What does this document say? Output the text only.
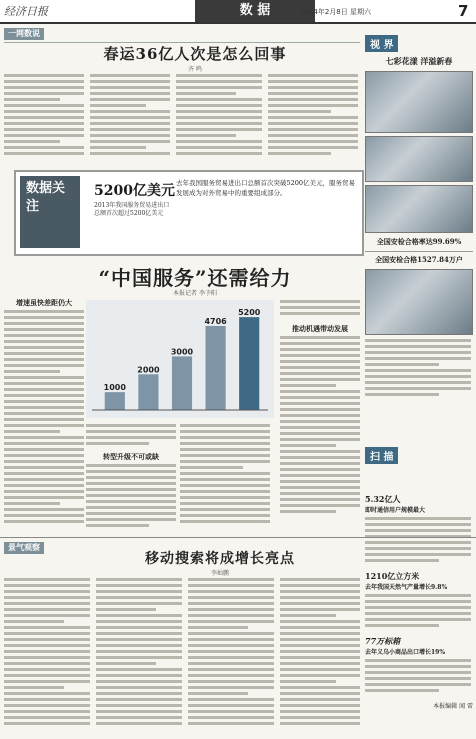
经济日报	数 据	2014年2月8日 星期六	7
一网数说
春运36亿人次是怎么回事
齐 鸣
视 界
七彩花漾 洋溢新春
全国安检合格率达99.69%
全国安检合格1527.84万户
扫 描
5.32亿人
即时通信用户规模最大
1210亿立方米
去年我国天然气产量增长9.8%
77万标箱
去年义乌小商品出口增长19%
本报编辑 闻 雷
数据关注
5200亿美元
2013年我国服务贸易进出口总额首次超过5200亿美元
去年我国服务贸易进出口总额首次突破5200亿美元，服务贸易发展成为对外贸易中的重要组成部分。
“中国服务”还需给力
本报记者 李予阳
增速虽快差距仍大
1000
2000
3000
4706
5200
转型升级不可或缺
推动机遇带动发展
景气观察
移动搜索将成增长亮点
李灿鹏
